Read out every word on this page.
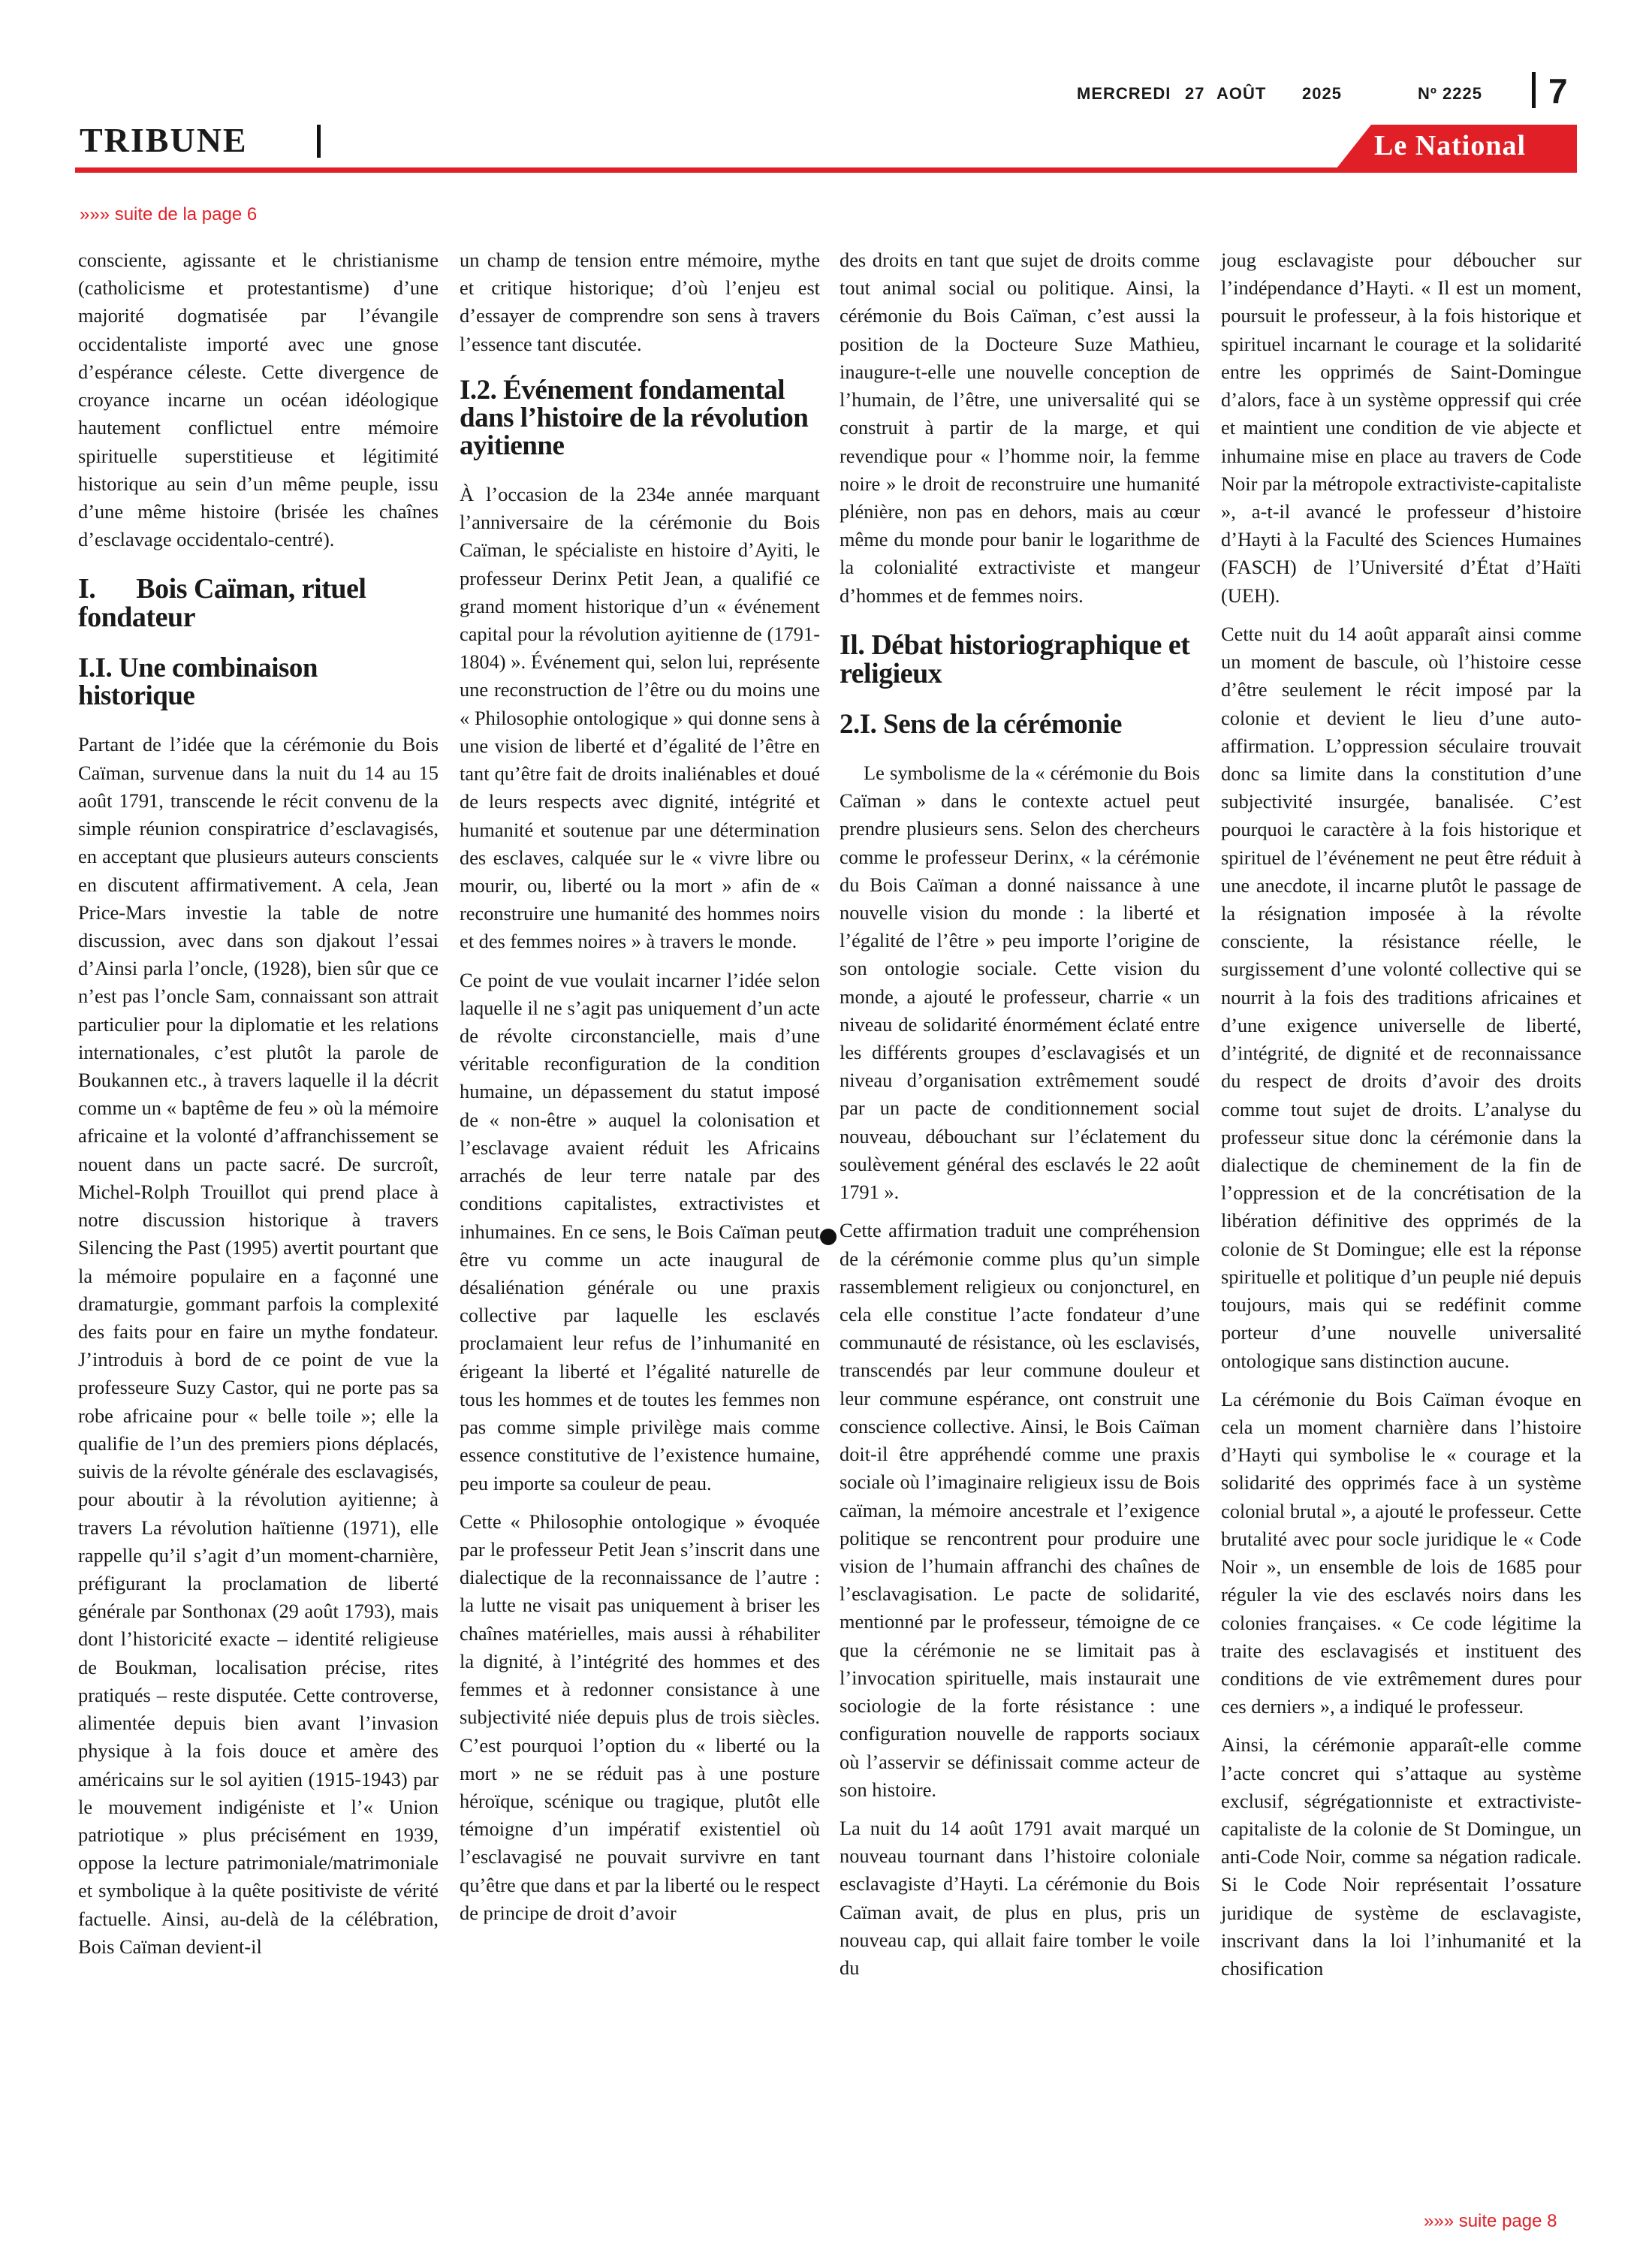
MERCREDI 27 AOÛT 2025	Nº 2225 7
TRIBUNE	Le National
»»» suite de la page 6

consciente, agissante et le christianisme (catholicisme et protestantisme) d’une majorité dogmatisée par l’évangile occidentaliste importé avec une gnose d’espérance céleste. Cette divergence de croyance incarne un océan idéologique hautement conflictuel entre mémoire spirituelle superstitieuse et légitimité historique au sein d’un même peuple, issu d’une même histoire (brisée les chaînes d’esclavage occidentalo-centré).

I.      Bois Caïman, rituel fondateur
I.I. Une combinaison historique

Partant de l’idée que la cérémonie du Bois Caïman, survenue dans la nuit du 14 au 15 août 1791, transcende le récit convenu de la simple réunion conspiratrice d’esclavagisés, en acceptant que plusieurs auteurs conscients en discutent affirmativement. A cela, Jean Price-Mars investie la table de notre discussion, avec dans son djakout l’essai d’Ainsi parla l’oncle, (1928), bien sûr que ce n’est pas l’oncle Sam, connaissant son attrait particulier pour la diplomatie et les relations internationales, c’est plutôt la parole de Boukannen etc., à travers laquelle il la décrit comme un « baptême de feu » où la mémoire africaine et la volonté d’affranchissement se nouent dans un pacte sacré. De surcroît, Michel-Rolph Trouillot qui prend place à notre discussion historique à travers Silencing the Past (1995) avertit pourtant que la mémoire populaire en a façonné une dramaturgie, gommant parfois la complexité des faits pour en faire un mythe fondateur. J’introduis à bord de ce point de vue la professeure Suzy Castor, qui ne porte pas sa robe africaine pour « belle toile »; elle la qualifie de l’un des premiers pions déplacés, suivis de la révolte générale des esclavagisés, pour aboutir à la révolution ayitienne; à travers La révolution haïtienne (1971), elle rappelle qu’il s’agit d’un moment-charnière, préfigurant la proclamation de liberté générale par Sonthonax (29 août 1793), mais dont l’historicité exacte – identité religieuse de Boukman, localisation précise, rites pratiqués – reste disputée. Cette controverse, alimentée depuis bien avant l’invasion physique à la fois douce et amère des américains sur le sol ayitien (1915-1943) par le mouvement indigéniste et l’« Union patriotique » plus précisément en 1939, oppose la lecture patrimoniale/matrimoniale et symbolique à la quête positiviste de vérité factuelle. Ainsi, au-delà de la célébration, Bois Caïman devient-il

un champ de tension entre mémoire, mythe et critique historique; d’où l’enjeu est d’essayer de comprendre son sens à travers l’essence tant discutée.

I.2. Événement fondamental dans l’histoire de la révolution ayitienne

À l’occasion de la 234e année marquant l’anniversaire de la cérémonie du Bois Caïman, le spécialiste en histoire d’Ayiti, le professeur Derinx Petit Jean, a qualifié ce grand moment historique d’un « événement capital pour la révolution ayitienne de (1791-1804) ». Événement qui, selon lui, représente une reconstruction de l’être ou du moins une « Philosophie ontologique » qui donne sens à une vision de liberté et d’égalité de l’être en tant qu’être fait de droits inaliénables et doué de leurs respects avec dignité, intégrité et humanité et soutenue par une détermination des esclaves, calquée sur le « vivre libre ou mourir, ou, liberté ou la mort » afin de « reconstruire une humanité des hommes noirs et des femmes noires » à travers le monde.

Ce point de vue voulait incarner l’idée selon laquelle il ne s’agit pas uniquement d’un acte de révolte circonstancielle, mais d’une véritable reconfiguration de la condition humaine, un dépassement du statut imposé de « non-être » auquel la colonisation et l’esclavage avaient réduit les Africains arrachés de leur terre natale par des conditions capitalistes, extractivistes et inhumaines. En ce sens, le Bois Caïman peut être vu comme un acte inaugural de désaliénation générale ou une praxis collective par laquelle les esclavés proclamaient leur refus de l’inhumanité en érigeant la liberté et l’égalité naturelle de tous les hommes et de toutes les femmes non pas comme simple privilège mais comme essence constitutive de l’existence humaine, peu importe sa couleur de peau.

Cette « Philosophie ontologique » évoquée par le professeur Petit Jean s’inscrit dans une dialectique de la reconnaissance de l’autre : la lutte ne visait pas uniquement à briser les chaînes matérielles, mais aussi à réhabiliter la dignité, à l’intégrité des hommes et des femmes et à redonner consistance à une subjectivité niée depuis plus de trois siècles. C’est pourquoi l’option du « liberté ou la mort » ne se réduit pas à une posture héroïque, scénique ou tragique, plutôt elle témoigne d’un impératif existentiel où l’esclavagisé ne pouvait survivre en tant qu’être que dans et par la liberté ou le respect de principe de droit d’avoir

des droits en tant que sujet de droits comme tout animal social ou politique. Ainsi, la cérémonie du Bois Caïman, c’est aussi la position de la Docteure Suze Mathieu, inaugure-t-elle une nouvelle conception de l’humain, de l’être, une universalité qui se construit à partir de la marge, et qui revendique pour « l’homme noir, la femme noire » le droit de reconstruire une humanité plénière, non pas en dehors, mais au cœur même du monde pour banir le logarithme de la colonialité extractiviste et mangeur d’hommes et de femmes noirs.

Il. Débat historiographique et religieux
2.I. Sens de la cérémonie

Le symbolisme de la « cérémonie du Bois Caïman » dans le contexte actuel peut prendre plusieurs sens. Selon des chercheurs comme le professeur Derinx, « la cérémonie du Bois Caïman a donné naissance à une nouvelle vision du monde : la liberté et l’égalité de l’être » peu importe l’origine de son ontologie sociale. Cette vision du monde, a ajouté le professeur, charrie « un niveau de solidarité énormément éclaté entre les différents groupes d’esclavagisés et un niveau d’organisation extrêmement soudé par un pacte de conditionnement social nouveau, débouchant sur l’éclatement du soulèvement général des esclavés le 22 août 1791 ».

Cette affirmation traduit une compréhension de la cérémonie comme plus qu’un simple rassemblement religieux ou conjoncturel, en cela elle constitue l’acte fondateur d’une communauté de résistance, où les esclavisés, transcendés par leur commune douleur et leur commune espérance, ont construit une conscience collective. Ainsi, le Bois Caïman doit-il être appréhendé comme une praxis sociale où l’imaginaire religieux issu de Bois caïman, la mémoire ancestrale et l’exigence politique se rencontrent pour produire une vision de l’humain affranchi des chaînes de l’esclavagisation. Le pacte de solidarité, mentionné par le professeur, témoigne de ce que la cérémonie ne se limitait pas à l’invocation spirituelle, mais instaurait une sociologie de la forte résistance : une configuration nouvelle de rapports sociaux où l’asservir se définissait comme acteur de son histoire.

La nuit du 14 août 1791 avait marqué un nouveau tournant dans l’histoire coloniale esclavagiste d’Hayti. La cérémonie du Bois Caïman avait, de plus en plus, pris un nouveau cap, qui allait faire tomber le voile du

joug esclavagiste pour déboucher sur l’indépendance d’Hayti. « Il est un moment, poursuit le professeur, à la fois historique et spirituel incarnant le courage et la solidarité entre les opprimés de Saint-Domingue d’alors, face à un système oppressif qui crée et maintient une condition de vie abjecte et inhumaine mise en place au travers de Code Noir par la métropole extractiviste-capitaliste », a-t-il avancé le professeur d’histoire d’Hayti à la Faculté des Sciences Humaines (FASCH) de l’Université d’État d’Haïti (UEH).

Cette nuit du 14 août apparaît ainsi comme un moment de bascule, où l’histoire cesse d’être seulement le récit imposé par la colonie et devient le lieu d’une auto-affirmation. L’oppression séculaire trouvait donc sa limite dans la constitution d’une subjectivité insurgée, banalisée. C’est pourquoi le caractère à la fois historique et spirituel de l’événement ne peut être réduit à une anecdote, il incarne plutôt le passage de la résignation imposée à la révolte consciente, la résistance réelle, le surgissement d’une volonté collective qui se nourrit à la fois des traditions africaines et d’une exigence universelle de liberté, d’intégrité, de dignité et de reconnaissance du respect de droits d’avoir des droits comme tout sujet de droits. L’analyse du professeur situe donc la cérémonie dans la dialectique de cheminement de la fin de l’oppression et de la concrétisation de la libération définitive des opprimés de la colonie de St Domingue; elle est la réponse spirituelle et politique d’un peuple nié depuis toujours, mais qui se redéfinit comme porteur d’une nouvelle universalité ontologique sans distinction aucune.

La cérémonie du Bois Caïman évoque en cela un moment charnière dans l’histoire d’Hayti qui symbolise le « courage et la solidarité des opprimés face à un système colonial brutal », a ajouté le professeur. Cette brutalité avec pour socle juridique le « Code Noir », un ensemble de lois de 1685 pour réguler la vie des esclavés noirs dans les colonies françaises. « Ce code légitime la traite des esclavagisés et instituent des conditions de vie extrêmement dures pour ces derniers », a indiqué le professeur.

Ainsi, la cérémonie apparaît-elle comme l’acte concret qui s’attaque au système exclusif, ségrégationniste et extractiviste-capitaliste de la colonie de St Domingue, un anti-Code Noir, comme sa négation radicale. Si le Code Noir représentait l’ossature juridique de système de esclavagiste, inscrivant dans la loi l’inhumanité et la chosification

»»» suite page 8
